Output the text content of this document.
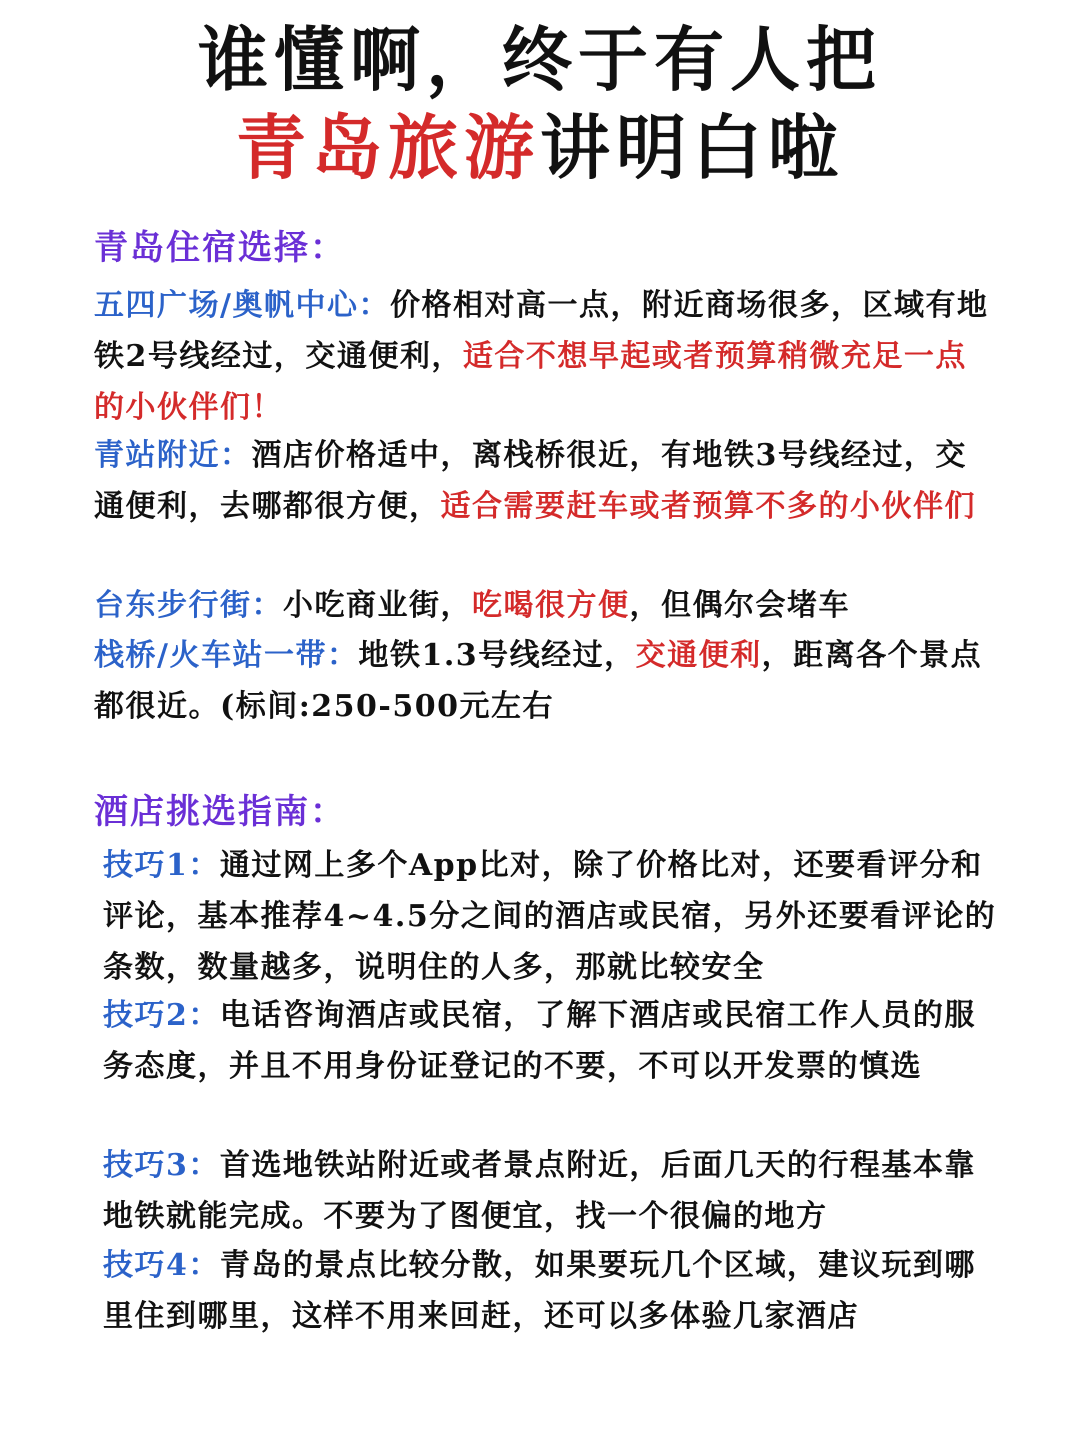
谁懂啊，终于有人把
青岛旅游讲明白啦
青岛住宿选择：
五四广场/奥帆中心：价格相对高一点，附近商场很多，区域有地铁2号线经过，交通便利，适合不想早起或者预算稍微充足一点的小伙伴们！
青站附近：酒店价格适中，离栈桥很近，有地铁3号线经过，交通便利，去哪都很方便，适合需要赶车或者预算不多的小伙伴们
台东步行街：小吃商业街，吃喝很方便，但偶尔会堵车
栈桥/火车站一带：地铁1.3号线经过，交通便利，距离各个景点都很近。(标间:250-500元左右
酒店挑选指南：
技巧1：通过网上多个App比对，除了价格比对，还要看评分和评论，基本推荐4~4.5分之间的酒店或民宿，另外还要看评论的条数，数量越多，说明住的人多，那就比较安全
技巧2：电话咨询酒店或民宿，了解下酒店或民宿工作人员的服务态度，并且不用身份证登记的不要，不可以开发票的慎选
技巧3：首选地铁站附近或者景点附近，后面几天的行程基本靠地铁就能完成。不要为了图便宜，找一个很偏的地方
技巧4：青岛的景点比较分散，如果要玩几个区域，建议玩到哪里住到哪里，这样不用来回赶，还可以多体验几家酒店
